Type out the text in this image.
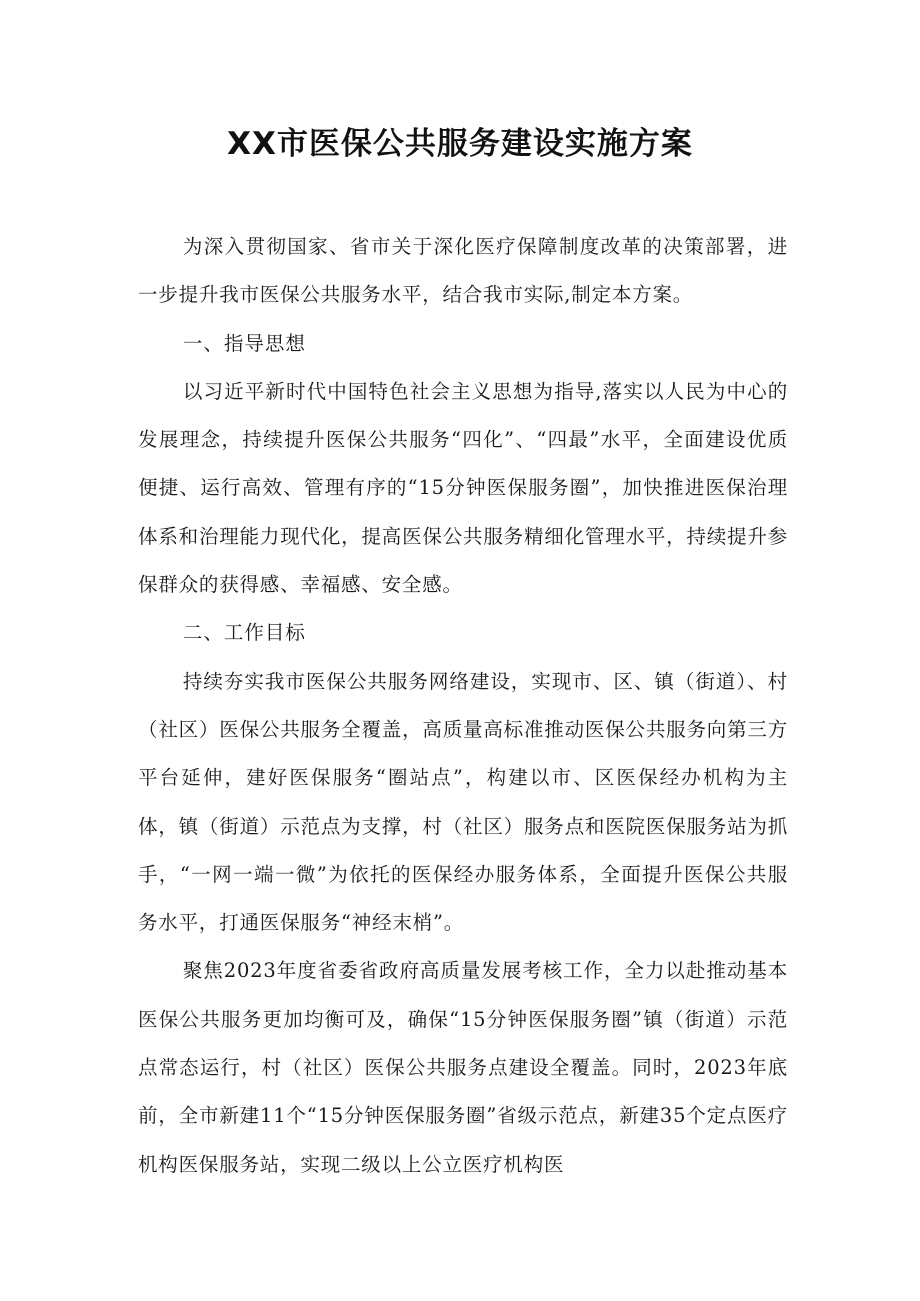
XX市医保公共服务建设实施方案

为深入贯彻国家、省市关于深化医疗保障制度改革的决策部署，进一步提升我市医保公共服务水平，结合我市实际,制定本方案。

一、指导思想

以习近平新时代中国特色社会主义思想为指导,落实以人民为中心的发展理念，持续提升医保公共服务“四化”、“四最”水平，全面建设优质便捷、运行高效、管理有序的“15分钟医保服务圈”，加快推进医保治理体系和治理能力现代化，提高医保公共服务精细化管理水平，持续提升参保群众的获得感、幸福感、安全感。

二、工作目标

持续夯实我市医保公共服务网络建设，实现市、区、镇（街道）、村（社区）医保公共服务全覆盖，高质量高标准推动医保公共服务向第三方平台延伸，建好医保服务“圈站点”，构建以市、区医保经办机构为主体，镇（街道）示范点为支撑，村（社区）服务点和医院医保服务站为抓手，“一网一端一微”为依托的医保经办服务体系，全面提升医保公共服务水平，打通医保服务“神经末梢”。

聚焦2023年度省委省政府高质量发展考核工作，全力以赴推动基本医保公共服务更加均衡可及，确保“15分钟医保服务圈”镇（街道）示范点常态运行，村（社区）医保公共服务点建设全覆盖。同时，2023年底前，全市新建11个“15分钟医保服务圈”省级示范点，新建35个定点医疗机构医保服务站，实现二级以上公立医疗机构医
